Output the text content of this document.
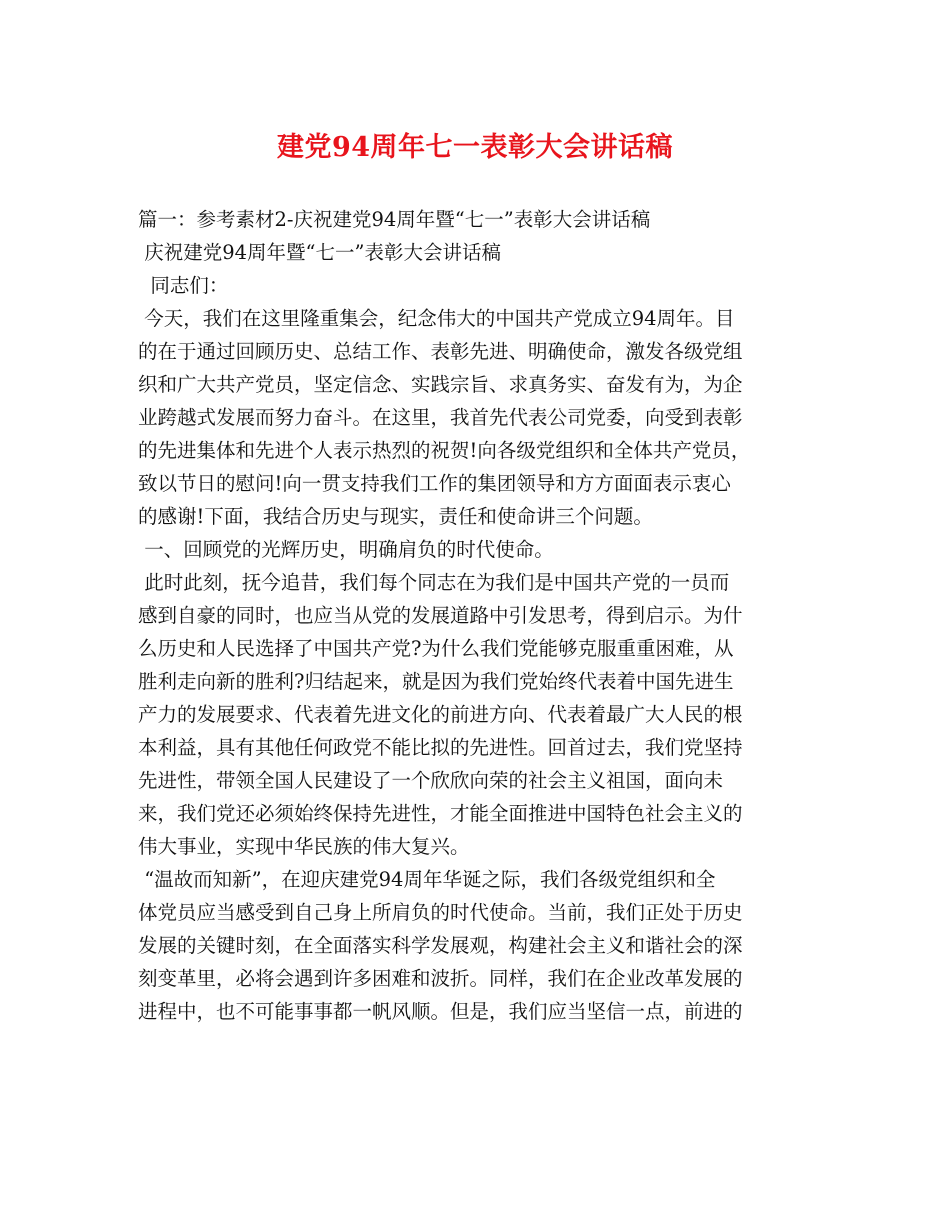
建党94周年七一表彰大会讲话稿
篇一：参考素材2-庆祝建党94周年暨“七一”表彰大会讲话稿
庆祝建党94周年暨“七一”表彰大会讲话稿
同志们：
今天，我们在这里隆重集会，纪念伟大的中国共产党成立94周年。目
的在于通过回顾历史、总结工作、表彰先进、明确使命，激发各级党组
织和广大共产党员，坚定信念、实践宗旨、求真务实、奋发有为，为企
业跨越式发展而努力奋斗。在这里，我首先代表公司党委，向受到表彰
的先进集体和先进个人表示热烈的祝贺!向各级党组织和全体共产党员，
致以节日的慰问!向一贯支持我们工作的集团领导和方方面面表示衷心
的感谢!下面，我结合历史与现实，责任和使命讲三个问题。
一、回顾党的光辉历史，明确肩负的时代使命。
此时此刻，抚今追昔，我们每个同志在为我们是中国共产党的一员而
感到自豪的同时，也应当从党的发展道路中引发思考，得到启示。为什
么历史和人民选择了中国共产党?为什么我们党能够克服重重困难，从
胜利走向新的胜利?归结起来，就是因为我们党始终代表着中国先进生
产力的发展要求、代表着先进文化的前进方向、代表着最广大人民的根
本利益，具有其他任何政党不能比拟的先进性。回首过去，我们党坚持
先进性，带领全国人民建设了一个欣欣向荣的社会主义祖国，面向未
来，我们党还必须始终保持先进性，才能全面推进中国特色社会主义的
伟大事业，实现中华民族的伟大复兴。
“温故而知新”，在迎庆建党94周年华诞之际，我们各级党组织和全
体党员应当感受到自己身上所肩负的时代使命。当前，我们正处于历史
发展的关键时刻，在全面落实科学发展观，构建社会主义和谐社会的深
刻变革里，必将会遇到许多困难和波折。同样，我们在企业改革发展的
进程中，也不可能事事都一帆风顺。但是，我们应当坚信一点，前进的
